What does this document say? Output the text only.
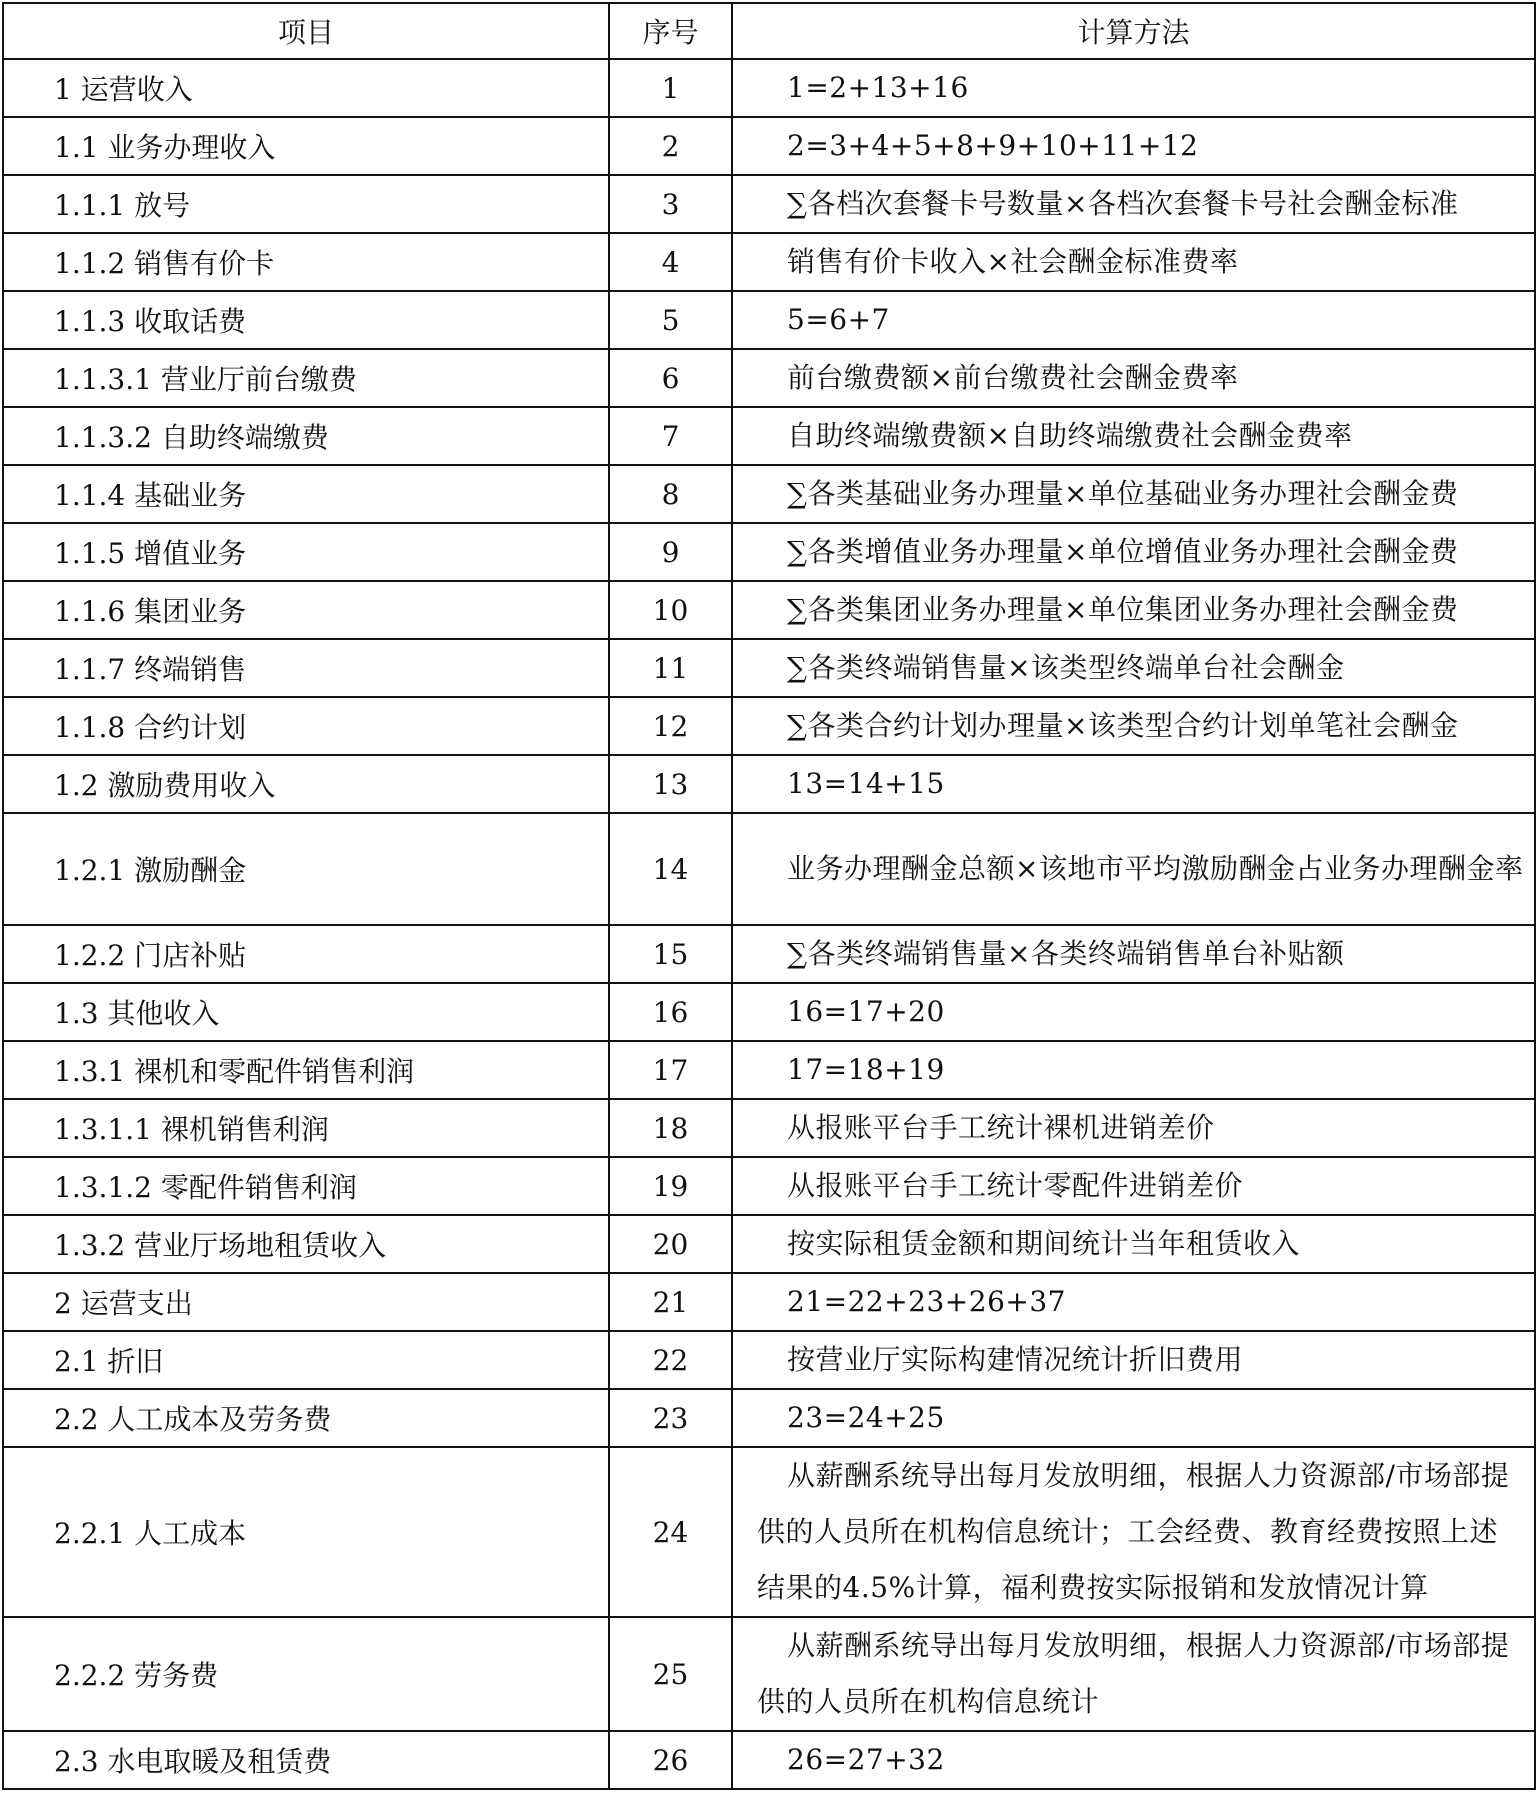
项目	序号	计算方法
1 运营收入	1	1=2+13+16
1.1 业务办理收入	2	2=3+4+5+8+9+10+11+12
1.1.1 放号	3	∑各档次套餐卡号数量×各档次套餐卡号社会酬金标准
1.1.2 销售有价卡	4	销售有价卡收入×社会酬金标准费率
1.1.3 收取话费	5	5=6+7
1.1.3.1 营业厅前台缴费	6	前台缴费额×前台缴费社会酬金费率
1.1.3.2 自助终端缴费	7	自助终端缴费额×自助终端缴费社会酬金费率
1.1.4 基础业务	8	∑各类基础业务办理量×单位基础业务办理社会酬金费
1.1.5 增值业务	9	∑各类增值业务办理量×单位增值业务办理社会酬金费
1.1.6 集团业务	10	∑各类集团业务办理量×单位集团业务办理社会酬金费
1.1.7 终端销售	11	∑各类终端销售量×该类型终端单台社会酬金
1.1.8 合约计划	12	∑各类合约计划办理量×该类型合约计划单笔社会酬金
1.2 激励费用收入	13	13=14+15
1.2.1 激励酬金	14	业务办理酬金总额×该地市平均激励酬金占业务办理酬金率
1.2.2 门店补贴	15	∑各类终端销售量×各类终端销售单台补贴额
1.3 其他收入	16	16=17+20
1.3.1 裸机和零配件销售利润	17	17=18+19
1.3.1.1 裸机销售利润	18	从报账平台手工统计裸机进销差价
1.3.1.2 零配件销售利润	19	从报账平台手工统计零配件进销差价
1.3.2 营业厅场地租赁收入	20	按实际租赁金额和期间统计当年租赁收入
2 运营支出	21	21=22+23+26+37
2.1 折旧	22	按营业厅实际构建情况统计折旧费用
2.2 人工成本及劳务费	23	23=24+25
2.2.1 人工成本	24	从薪酬系统导出每月发放明细，根据人力资源部/市场部提供的人员所在机构信息统计；工会经费、教育经费按照上述结果的4.5%计算，福利费按实际报销和发放情况计算
2.2.2 劳务费	25	从薪酬系统导出每月发放明细，根据人力资源部/市场部提供的人员所在机构信息统计
2.3 水电取暖及租赁费	26	26=27+32
